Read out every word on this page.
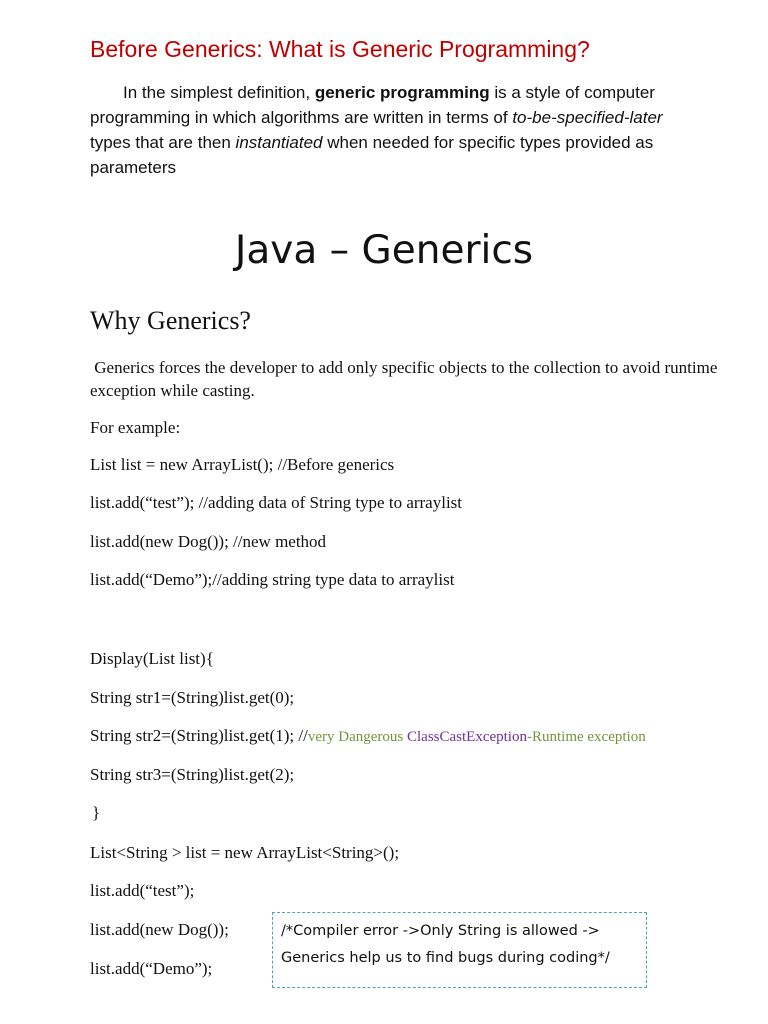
Before Generics: What is Generic Programming?
In the simplest definition, generic programming is a style of computer programming in which algorithms are written in terms of to-be-specified-later types that are then instantiated when needed for specific types provided as parameters
Java – Generics
Why Generics?
Generics forces the developer to add only specific objects to the collection to avoid runtime exception while casting.
For example:
List list = new ArrayList(); //Before generics
list.add(“test”); //adding data of String type to arraylist
list.add(new Dog()); //new method
list.add(“Demo”);//adding string type data to arraylist
Display(List list){
String str1=(String)list.get(0);
String str2=(String)list.get(1); //very Dangerous ClassCastException-Runtime exception
String str3=(String)list.get(2);
}
List<String > list = new ArrayList<String>();
list.add(“test”);
list.add(new Dog());
list.add(“Demo”);
/*Compiler error ->Only String is allowed ->
Generics help us to find bugs during coding*/
